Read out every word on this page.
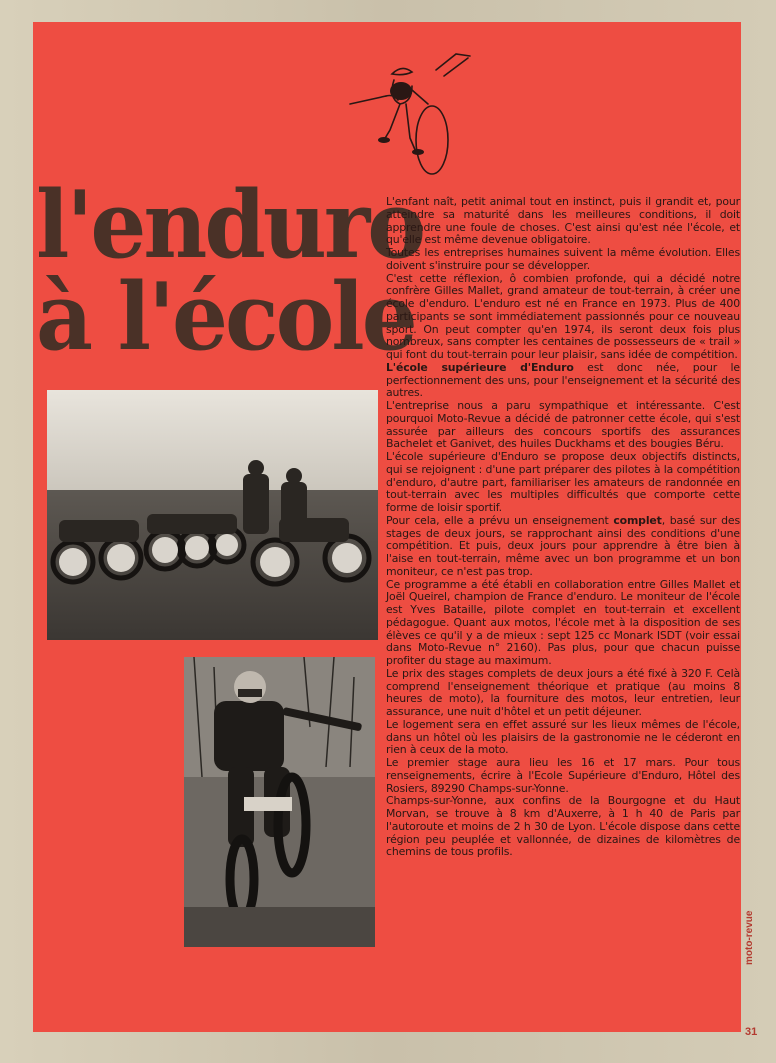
l'enduro
à l'école

L'enfant naît, petit animal tout en instinct, puis il grandit et, pour atteindre sa maturité dans les meilleures conditions, il doit apprendre une foule de choses. C'est ainsi qu'est née l'école, et qu'elle est même devenue obligatoire.

Toutes les entreprises humaines suivent la même évolution. Elles doivent s'instruire pour se développer.

C'est cette réflexion, ô combien profonde, qui a décidé notre confrère Gilles Mallet, grand amateur de tout-terrain, à créer une école d'enduro. L'enduro est né en France en 1973. Plus de 400 participants se sont immédiatement passionnés pour ce nouveau sport. On peut compter qu'en 1974, ils seront deux fois plus nombreux, sans compter les centaines de possesseurs de « trail » qui font du tout-terrain pour leur plaisir, sans idée de compétition.

L'école supérieure d'Enduro est donc née, pour le perfectionnement des uns, pour l'enseignement et la sécurité des autres.

L'entreprise nous a paru sympathique et intéressante. C'est pourquoi Moto-Revue a décidé de patronner cette école, qui s'est assurée par ailleurs des concours sportifs des assurances Bachelet et Ganivet, des huiles Duckhams et des bougies Béru.

L'école supérieure d'Enduro se propose deux objectifs distincts, qui se rejoignent : d'une part préparer des pilotes à la compétition d'enduro, d'autre part, familiariser les amateurs de randonnée en tout-terrain avec les multiples difficultés que comporte cette forme de loisir sportif.

Pour cela, elle a prévu un enseignement complet, basé sur des stages de deux jours, se rapprochant ainsi des conditions d'une compétition. Et puis, deux jours pour apprendre à être bien à l'aise en tout-terrain, même avec un bon programme et un bon moniteur, ce n'est pas trop.

Ce programme a été établi en collaboration entre Gilles Mallet et Joël Queirel, champion de France d'enduro. Le moniteur de l'école est Yves Bataille, pilote complet en tout-terrain et excellent pédagogue. Quant aux motos, l'école met à la disposition de ses élèves ce qu'il y a de mieux : sept 125 cc Monark ISDT (voir essai dans Moto-Revue n° 2160). Pas plus, pour que chacun puisse profiter du stage au maximum.

Le prix des stages complets de deux jours a été fixé à 320 F. Celà comprend l'enseignement théorique et pratique (au moins 8 heures de moto), la fourniture des motos, leur entretien, leur assurance, une nuit d'hôtel et un petit déjeuner.

Le logement sera en effet assuré sur les lieux mêmes de l'école, dans un hôtel où les plaisirs de la gastronomie ne le céderont en rien à ceux de la moto.

Le premier stage aura lieu les 16 et 17 mars. Pour tous renseignements, écrire à l'Ecole Supérieure d'Enduro, Hôtel des Rosiers, 89290 Champs-sur-Yonne.

Champs-sur-Yonne, aux confins de la Bourgogne et du Haut Morvan, se trouve à 8 km d'Auxerre, à 1 h 40 de Paris par l'autoroute et moins de 2 h 30 de Lyon. L'école dispose dans cette région peu peuplée et vallonnée, de dizaines de kilomètres de chemins de tous profils.

moto-revue
31
